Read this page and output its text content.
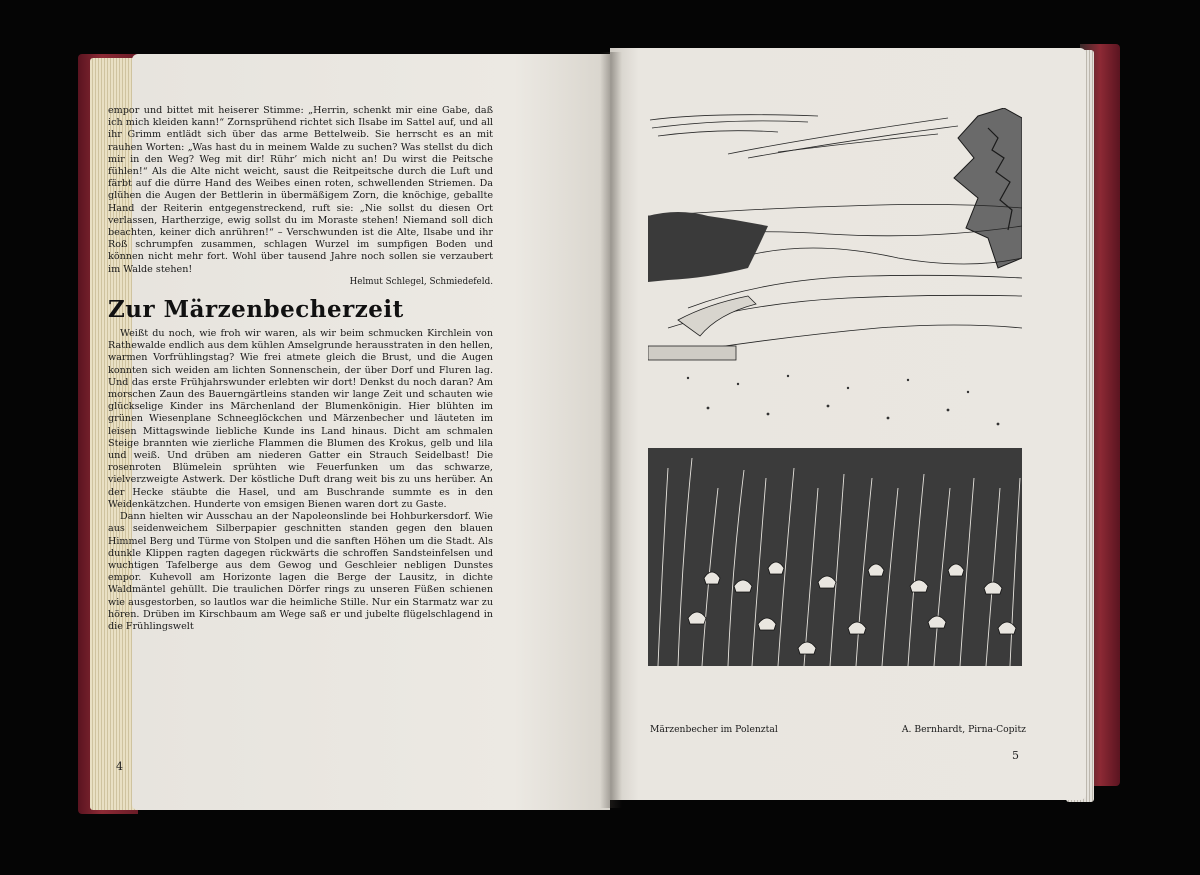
empor und bittet mit heiserer Stimme: „Herrin, schenkt mir eine Gabe, daß ich mich kleiden kann!“ Zornsprühend richtet sich Ilsabe im Sattel auf, und all ihr Grimm entlädt sich über das arme Bettelweib. Sie herrscht es an mit rauhen Worten: „Was hast du in meinem Walde zu suchen? Was stellst du dich mir in den Weg? Weg mit dir! Rühr’ mich nicht an! Du wirst die Peitsche fühlen!“ Als die Alte nicht weicht, saust die Reitpeitsche durch die Luft und färbt auf die dürre Hand des Weibes einen roten, schwellenden Striemen. Da glühen die Augen der Bettlerin in übermäßigem Zorn, die knöchige, geballte Hand der Reiterin entgegenstreckend, ruft sie: „Nie sollst du diesen Ort verlassen, Hartherzige, ewig sollst du im Moraste stehen! Niemand soll dich beachten, keiner dich anrühren!“ – Verschwunden ist die Alte, Ilsabe und ihr Roß schrumpfen zusammen, schlagen Wurzel im sumpfigen Boden und können nicht mehr fort. Wohl über tausend Jahre noch sollen sie verzaubert im Walde stehen!

Helmut Schlegel, Schmiedefeld.
Zur Märzenbecherzeit

Weißt du noch, wie froh wir waren, als wir beim schmucken Kirchlein von Rathewalde endlich aus dem kühlen Amselgrunde herausstraten in den hellen, warmen Vorfrühlingstag? Wie frei atmete gleich die Brust, und die Augen konnten sich weiden am lichten Sonnenschein, der über Dorf und Fluren lag. Und das erste Frühjahrswunder erlebten wir dort! Denkst du noch daran? Am morschen Zaun des Bauerngärtleins standen wir lange Zeit und schauten wie glückselige Kinder ins Märchenland der Blumenkönigin. Hier blühten im grünen Wiesenplane Schneeglöckchen und Märzenbecher und läuteten im leisen Mittagswinde liebliche Kunde ins Land hinaus. Dicht am schmalen Steige brannten wie zierliche Flammen die Blumen des Krokus, gelb und lila und weiß. Und drüben am niederen Gatter ein Strauch Seidelbast! Die rosenroten Blümelein sprühten wie Feuerfunken um das schwarze, vielverzweigte Astwerk. Der köstliche Duft drang weit bis zu uns herüber. An der Hecke stäubte die Hasel, und am Buschrande summte es in den Weidenkätzchen. Hunderte von emsigen Bienen waren dort zu Gaste.

Dann hielten wir Ausschau an der Napoleonslinde bei Hohburkersdorf. Wie aus seidenweichem Silberpapier geschnitten standen gegen den blauen Himmel Berg und Türme von Stolpen und die sanften Höhen um die Stadt. Als dunkle Klippen ragten dagegen rückwärts die schroffen Sandsteinfelsen und wuchtigen Tafelberge aus dem Gewog und Geschleier nebligen Dunstes empor. Kuhevoll am Horizonte lagen die Berge der Lausitz, in dichte Waldmäntel gehüllt. Die traulichen Dörfer rings zu unseren Füßen schienen wie ausgestorben, so lautlos war die heimliche Stille. Nur ein Starmatz war zu hören. Drüben im Kirschbaum am Wege saß er und jubelte flügelschlagend in die Frühlingswelt

4
Märzenbecher im Polenztal	A. Bernhardt, Pirna-Copitz
5
